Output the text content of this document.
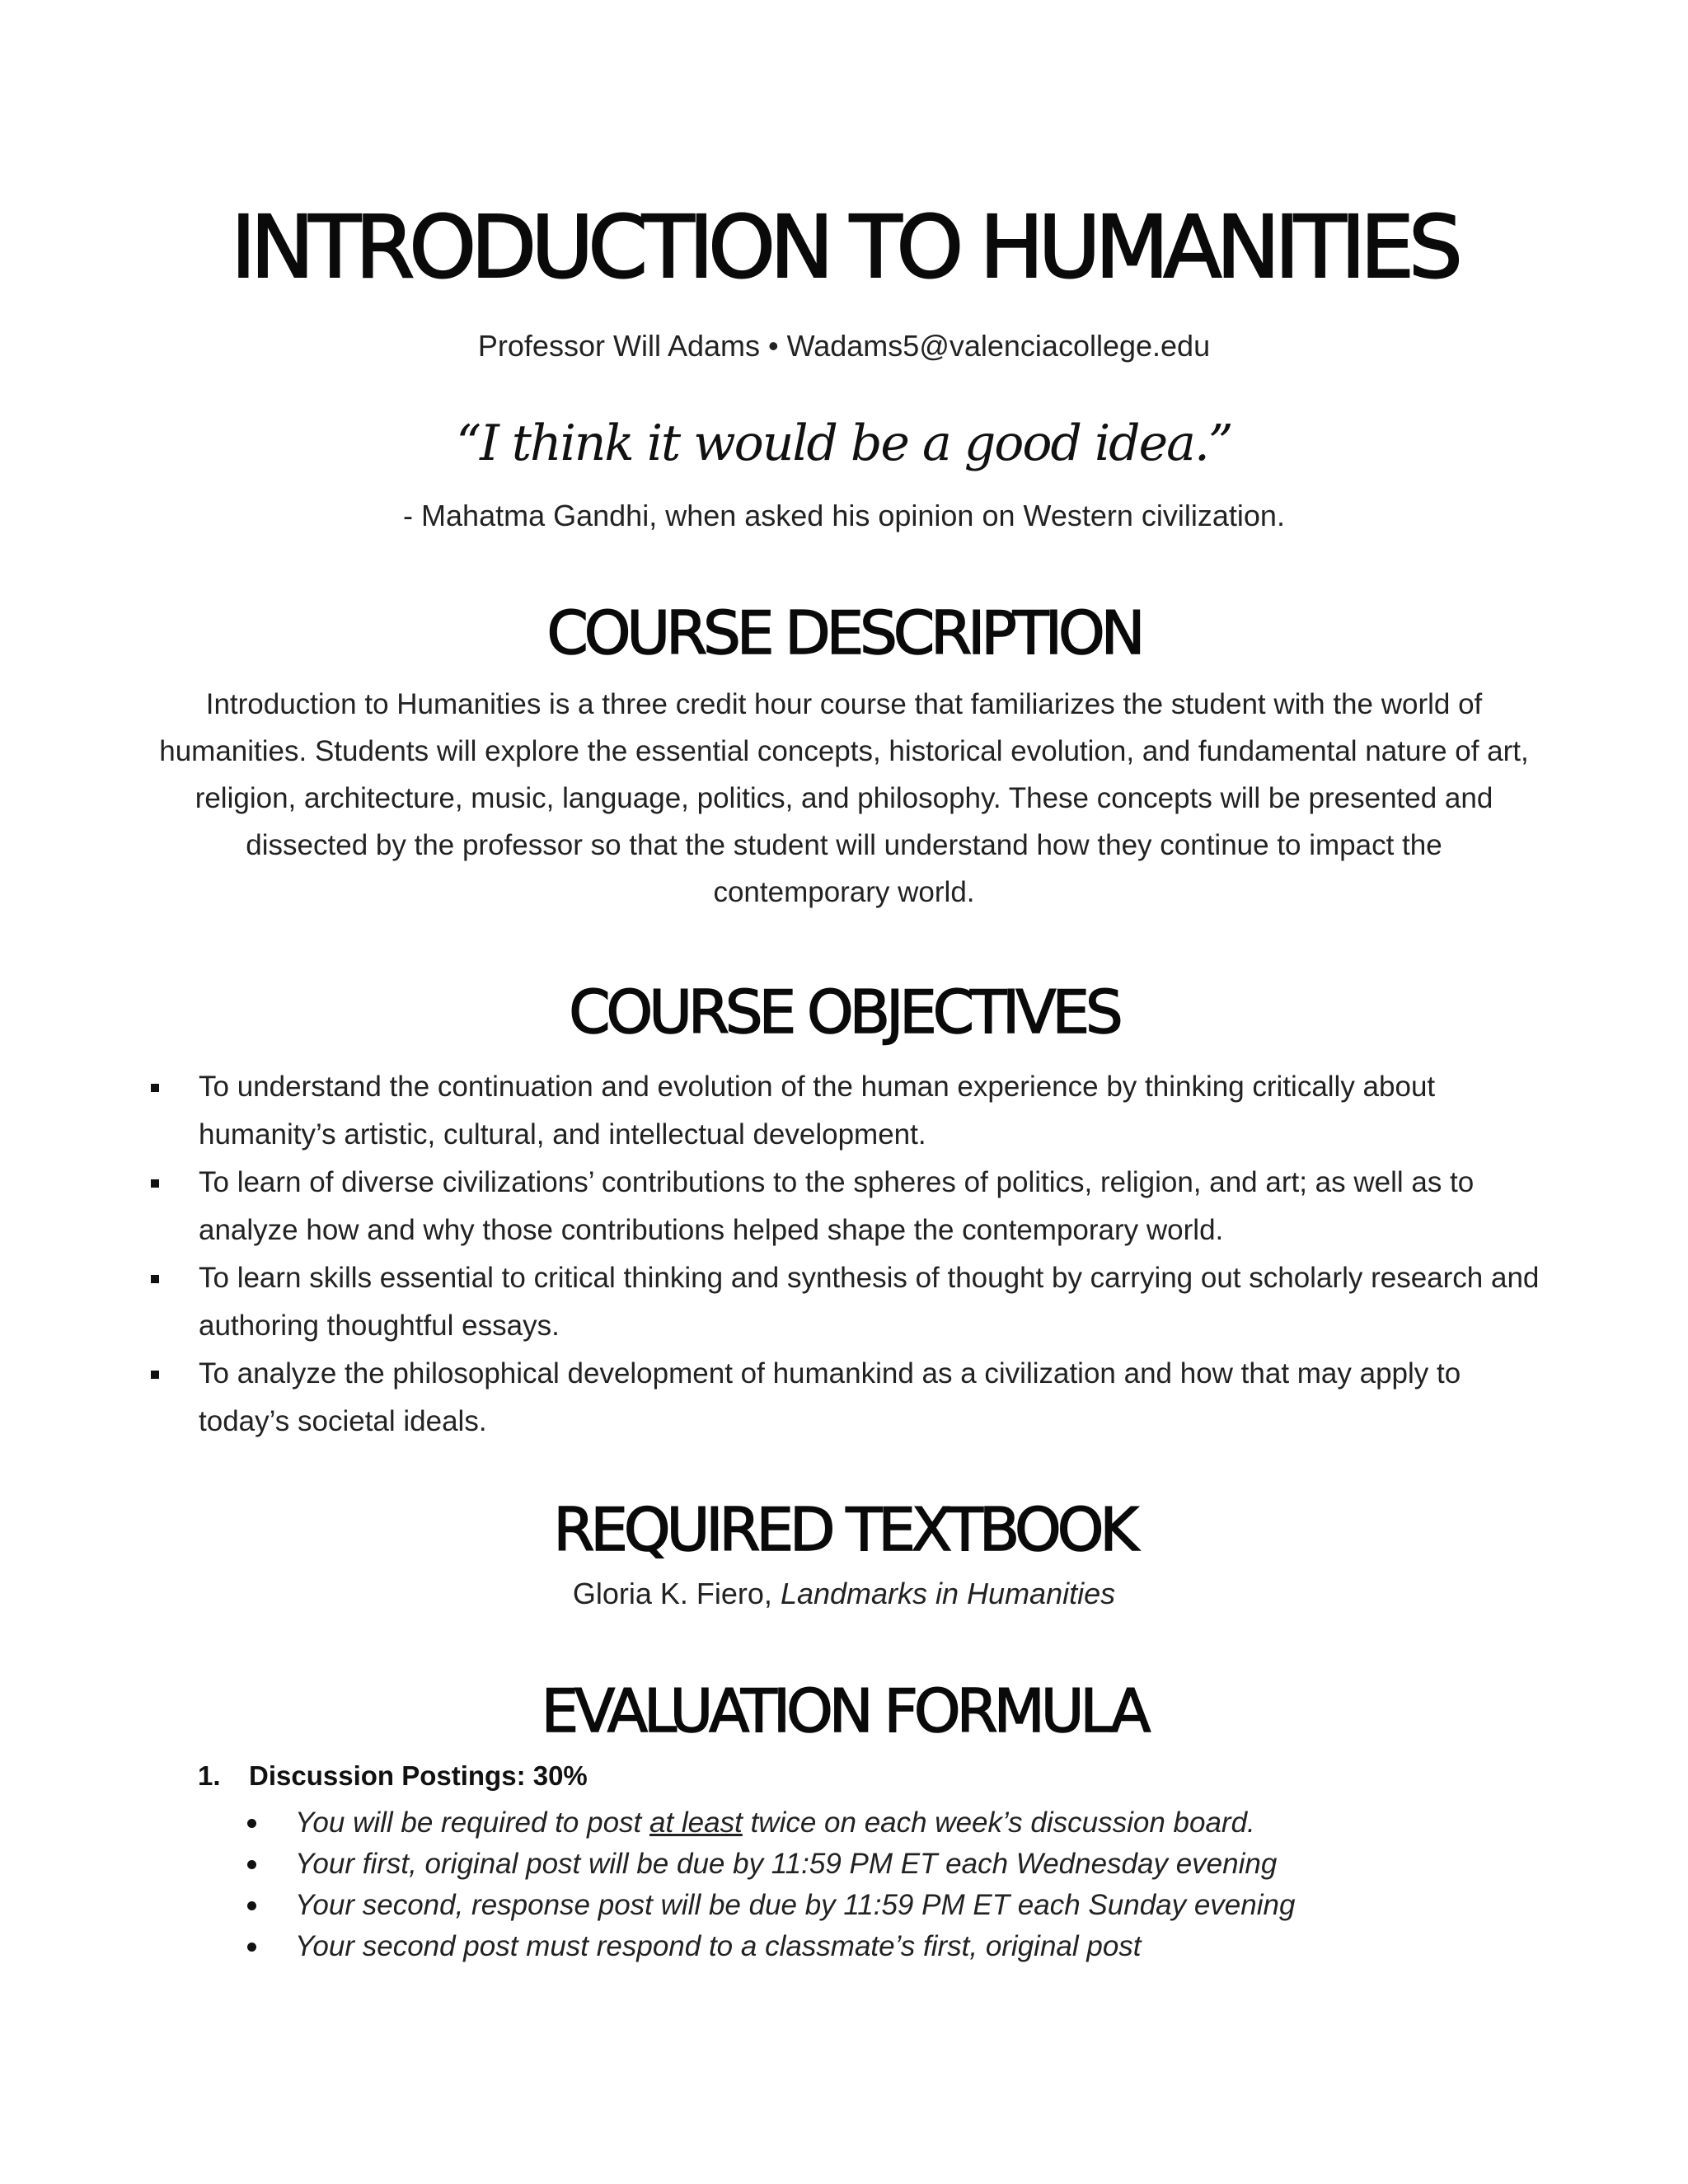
INTRODUCTION TO HUMANITIES
Professor Will Adams • Wadams5@valenciacollege.edu
“I think it would be a good idea.”
- Mahatma Gandhi, when asked his opinion on Western civilization.
COURSE DESCRIPTION

Introduction to Humanities is a three credit hour course that familiarizes the student with the world of humanities. Students will explore the essential concepts, historical evolution, and fundamental nature of art, religion, architecture, music, language, politics, and philosophy. These concepts will be presented and dissected by the professor so that the student will understand how they continue to impact the contemporary world.

COURSE OBJECTIVES
To understand the continuation and evolution of the human experience by thinking critically about humanity’s artistic, cultural, and intellectual development.
To learn of diverse civilizations’ contributions to the spheres of politics, religion, and art; as well as to analyze how and why those contributions helped shape the contemporary world.
To learn skills essential to critical thinking and synthesis of thought by carrying out scholarly research and authoring thoughtful essays.
To analyze the philosophical development of humankind as a civilization and how that may apply to today’s societal ideals.
REQUIRED TEXTBOOK
Gloria K. Fiero, Landmarks in Humanities
EVALUATION FORMULA
1. Discussion Postings: 30%
You will be required to post at least twice on each week’s discussion board.
Your first, original post will be due by 11:59 PM ET each Wednesday evening
Your second, response post will be due by 11:59 PM ET each Sunday evening
Your second post must respond to a classmate’s first, original post
